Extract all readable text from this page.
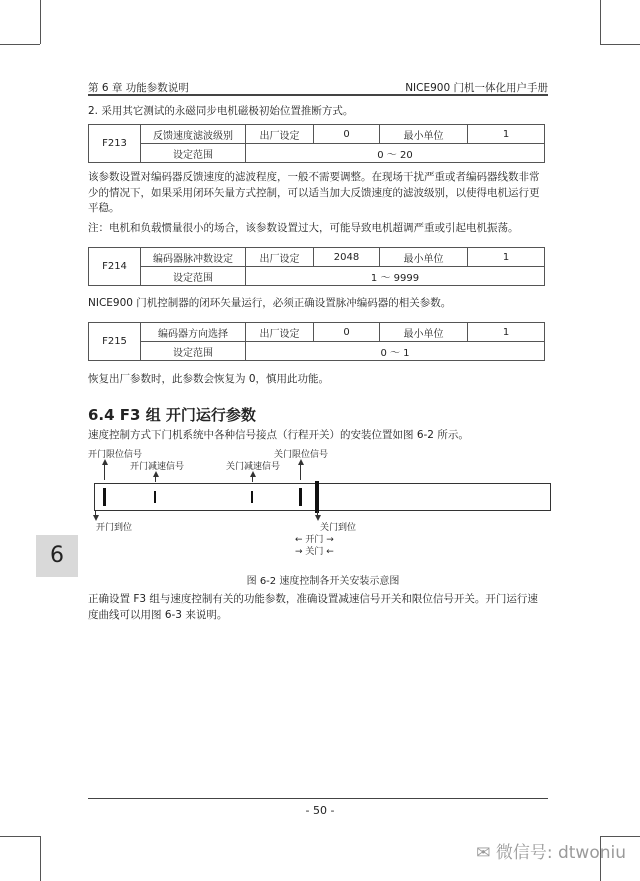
第 6 章 功能参数说明	NICE900 门机一体化用户手册
2. 采用其它测试的永磁同步电机磁极初始位置推断方式。
F213	反馈速度滤波级别	出厂设定	0	最小单位	1
	设定范围	0 ～ 20			
该参数设置对编码器反馈速度的滤波程度，一般不需要调整。在现场干扰严重或者编码器线数非常少的情况下，如果采用闭环矢量方式控制，可以适当加大反馈速度的滤波级别，以使得电机运行更平稳。
注：电机和负载惯量很小的场合，该参数设置过大，可能导致电机超调严重或引起电机振荡。
F214	编码器脉冲数设定	出厂设定	2048	最小单位	1
	设定范围	1 ～ 9999			
NICE900 门机控制器的闭环矢量运行，必须正确设置脉冲编码器的相关参数。
F215	编码器方向选择	出厂设定	0	最小单位	1
	设定范围	0 ～ 1			
恢复出厂参数时，此参数会恢复为 0，慎用此功能。
6.4 F3 组 开门运行参数
速度控制方式下门机系统中各种信号接点（行程开关）的安装位置如图 6-2 所示。
开门限位信号
开门减速信号	关门减速信号
关门限位信号
开门到位	关门到位
← 开门 →
→ 关门 ←
图 6-2 速度控制各开关安装示意图
正确设置 F3 组与速度控制有关的功能参数，准确设置减速信号开关和限位信号开关。开门运行速度曲线可以用图 6-3 来说明。
6
- 50 -
✉ 微信号: dtwoniu
